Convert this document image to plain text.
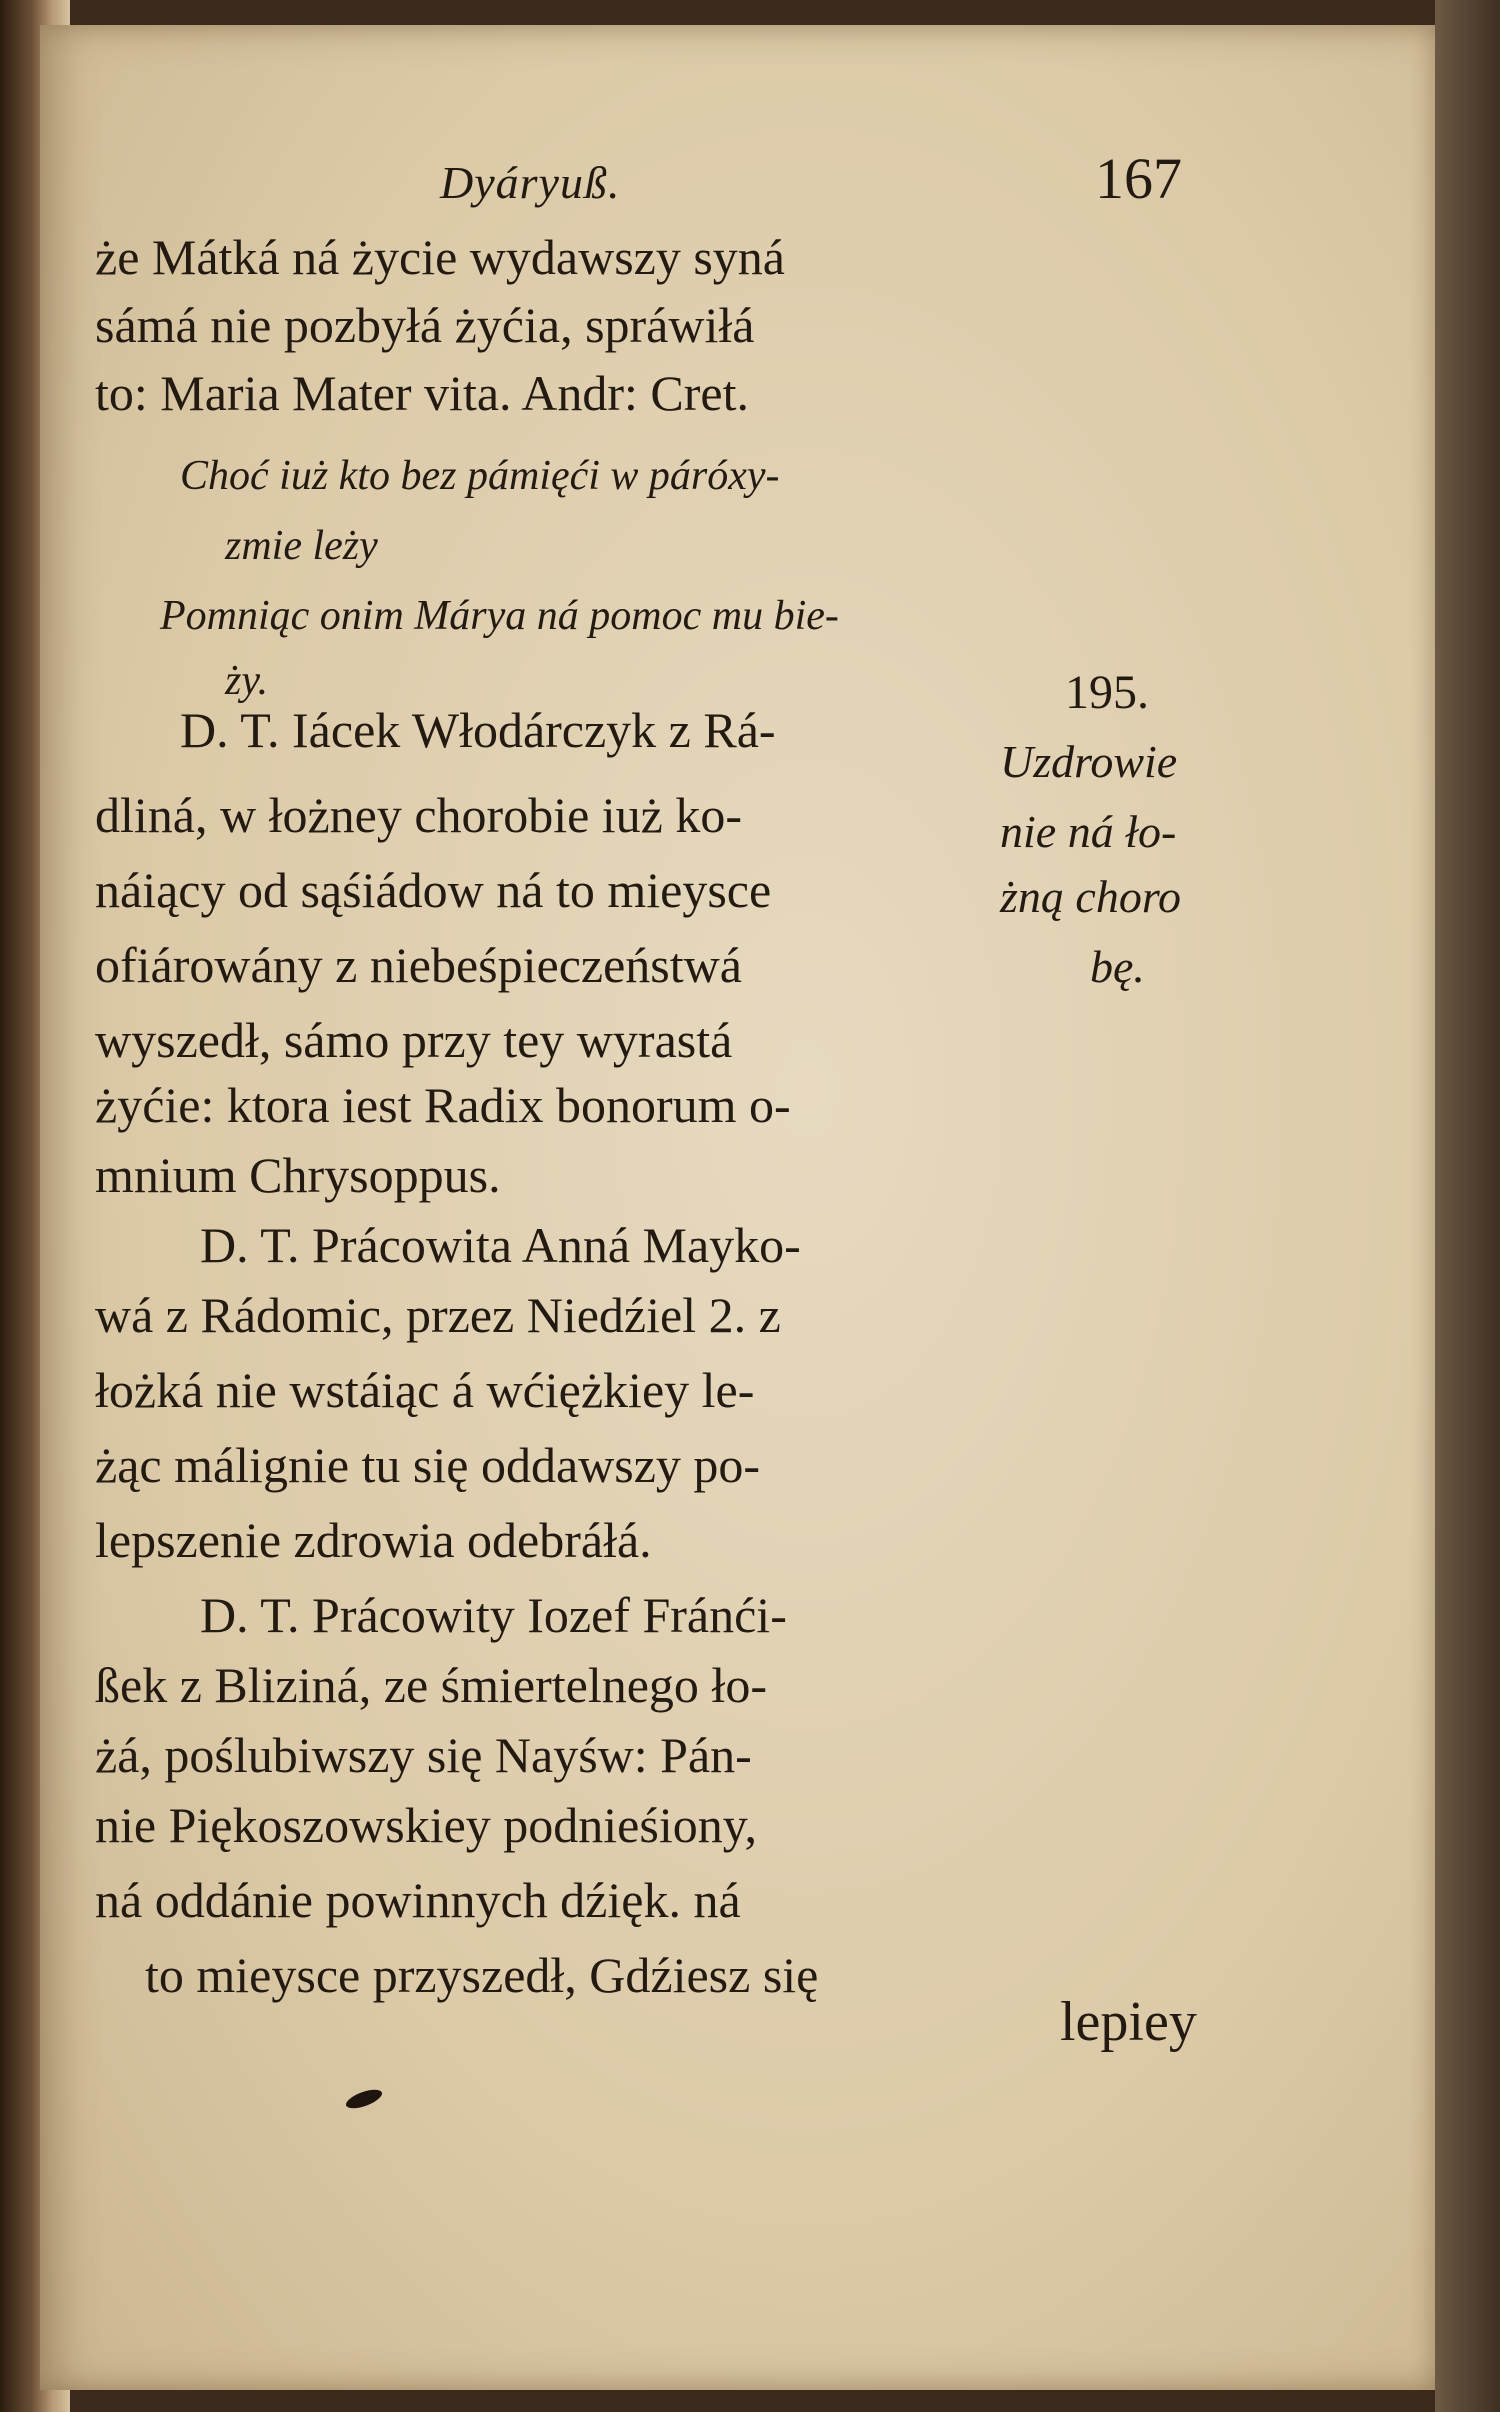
Dyáryuß.	167
że Mátká ná życie wydawszy syná
sámá nie pozbyłá żyćia, spráwiłá
to: Maria Mater vita. Andr: Cret.
Choć iuż kto bez pámięći w páróxy-
zmie leży
Pomniąc onim Márya ná pomoc mu bie-
ży.
D. T. Iácek Włodárczyk z Rá-
dliná, w łożney chorobie iuż ko-
náiący od sąśiádow ná to mieysce
ofiárowány z niebeśpieczeństwá
wyszedł, sámo przy tey wyrastá
żyćie: ktora iest Radix bonorum o-
mnium Chrysoppus.
D. T. Prácowita Anná Mayko-
wá z Rádomic, przez Niedźiel 2. z
łożká nie wstáiąc á wćiężkiey le-
żąc málignie tu się oddawszy po-
lepszenie zdrowia odebráłá.
D. T. Prácowity Iozef Fránći-
ßek z Bliziná, ze śmiertelnego ło-
żá, poślubiwszy się Nayśw: Pán-
nie Piękoszowskiey podnieśiony,
ná oddánie powinnych dźięk. ná
to mieysce przyszedł, Gdźiesz się
195.
Uzdrowie
nie ná ło-
żną choro
bę.
lepiey
